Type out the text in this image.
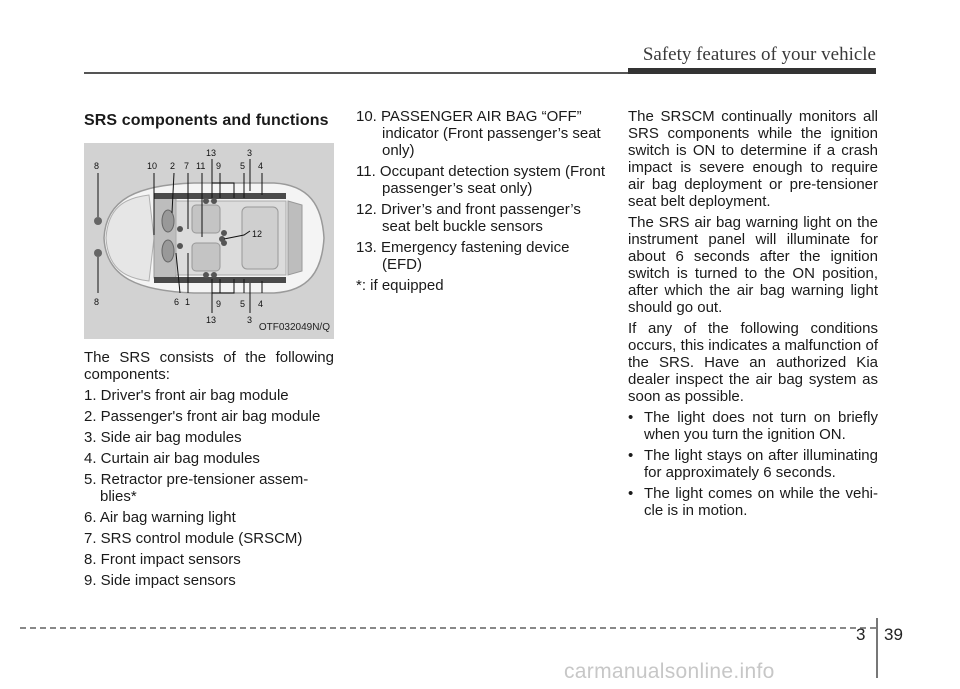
Safety features of your vehicle
SRS components and functions
8	10 2 7 11
13
9
3
5 4
12
8	6 1	9
13
5
3
4
OTF032049N/Q

The SRS consists of the following components:

1. Driver's front air bag module
2. Passenger's front air bag module
3. Side air bag modules
4. Curtain air bag modules
5. Retractor pre-tensioner assem-blies*
6. Air bag warning light
7. SRS control module (SRSCM)
8. Front impact sensors
9. Side impact sensors
10. PASSENGER AIR BAG “OFF” indicator (Front passenger’s seat only)
11. Occupant detection system (Front passenger’s seat only)
12. Driver’s and front passenger’s seat belt buckle sensors
13. Emergency fastening device (EFD)

*: if equipped

The SRSCM continually monitors all SRS components while the ignition switch is ON to determine if a crash impact is severe enough to require air bag deployment or pre-tensioner seat belt deployment.

The SRS air bag warning light on the instrument panel will illuminate for about 6 seconds after the ignition switch is turned to the ON position, after which the air bag warning light should go out.

If any of the following conditions occurs, this indicates a malfunction of the SRS. Have an authorized Kia dealer inspect the air bag system as soon as possible.

• The light does not turn on briefly when you turn the ignition ON.
• The light stays on after illuminating for approximately 6 seconds.
• The light comes on while the vehi-cle is in motion.
3 39
carmanualsonline.info
